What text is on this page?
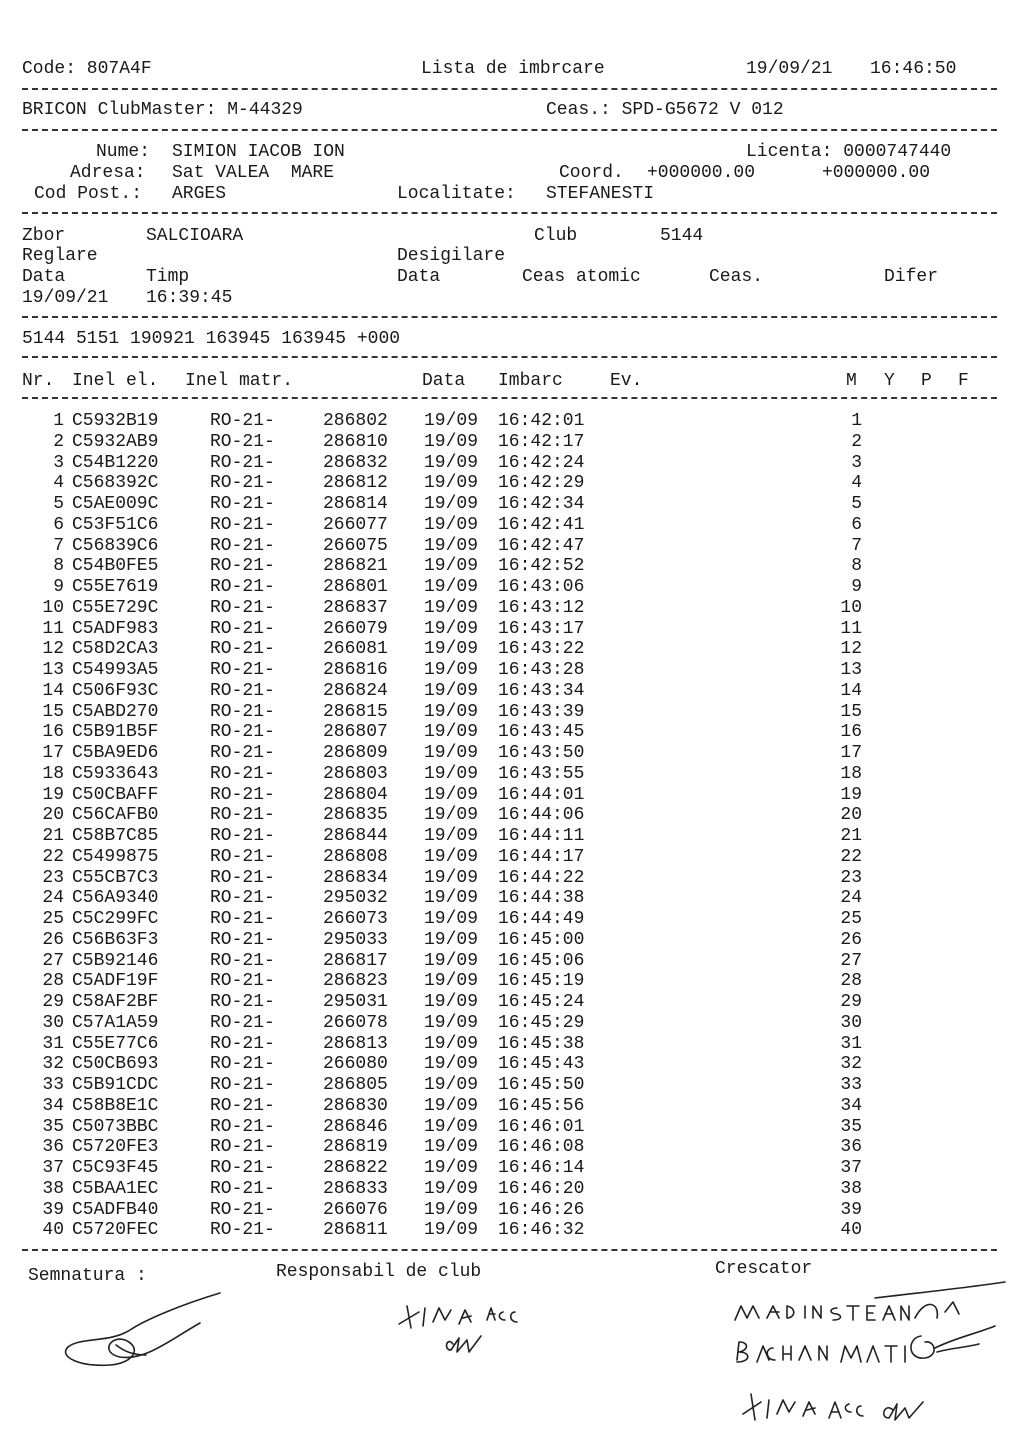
Code: 807A4F	Lista de imbrcare	19/09/21 16:46:50
BRICON ClubMaster: M-44329	Ceas.: SPD-G5672 V 012
Nume: SIMION IACOB ION	Licenta: 0000747440
Adresa: Sat VALEA  MARE	Coord. +000000.00	+000000.00
Cod Post.: ARGES	Localitate: STEFANESTI
Zbor	SALCIOARA	Club	5144
Reglare	Desigilare
Data	Timp	Data	Ceas atomic	Ceas.	Difer
19/09/21 16:39:45
5144 5151 190921 163945 163945 +000
Nr. Inel el. Inel matr.	Data Imbarc	Ev.	M Y P F
1 C5932B19	RO-21-	286802 19/09 16:42:01	1
2 C5932AB9	RO-21-	286810 19/09 16:42:17	2
3 C54B1220	RO-21-	286832 19/09 16:42:24	3
4 C568392C	RO-21-	286812 19/09 16:42:29	4
5 C5AE009C	RO-21-	286814 19/09 16:42:34	5
6 C53F51C6	RO-21-	266077 19/09 16:42:41	6
7 C56839C6	RO-21-	266075 19/09 16:42:47	7
8 C54B0FE5	RO-21-	286821 19/09 16:42:52	8
9 C55E7619	RO-21-	286801 19/09 16:43:06	9
10 C55E729C	RO-21-	286837 19/09 16:43:12	10
11 C5ADF983	RO-21-	266079 19/09 16:43:17	11
12 C58D2CA3	RO-21-	266081 19/09 16:43:22	12
13 C54993A5	RO-21-	286816 19/09 16:43:28	13
14 C506F93C	RO-21-	286824 19/09 16:43:34	14
15 C5ABD270	RO-21-	286815 19/09 16:43:39	15
16 C5B91B5F	RO-21-	286807 19/09 16:43:45	16
17 C5BA9ED6	RO-21-	286809 19/09 16:43:50	17
18 C5933643	RO-21-	286803 19/09 16:43:55	18
19 C50CBAFF	RO-21-	286804 19/09 16:44:01	19
20 C56CAFB0	RO-21-	286835 19/09 16:44:06	20
21 C58B7C85	RO-21-	286844 19/09 16:44:11	21
22 C5499875	RO-21-	286808 19/09 16:44:17	22
23 C55CB7C3	RO-21-	286834 19/09 16:44:22	23
24 C56A9340	RO-21-	295032 19/09 16:44:38	24
25 C5C299FC	RO-21-	266073 19/09 16:44:49	25
26 C56B63F3	RO-21-	295033 19/09 16:45:00	26
27 C5B92146	RO-21-	286817 19/09 16:45:06	27
28 C5ADF19F	RO-21-	286823 19/09 16:45:19	28
29 C58AF2BF	RO-21-	295031 19/09 16:45:24	29
30 C57A1A59	RO-21-	266078 19/09 16:45:29	30
31 C55E77C6	RO-21-	286813 19/09 16:45:38	31
32 C50CB693	RO-21-	266080 19/09 16:45:43	32
33 C5B91CDC	RO-21-	286805 19/09 16:45:50	33
34 C58B8E1C	RO-21-	286830 19/09 16:45:56	34
35 C5073BBC	RO-21-	286846 19/09 16:46:01	35
36 C5720FE3	RO-21-	286819 19/09 16:46:08	36
37 C5C93F45	RO-21-	286822 19/09 16:46:14	37
38 C5BAA1EC	RO-21-	286833 19/09 16:46:20	38
39 C5ADFB40	RO-21-	266076 19/09 16:46:26	39
40 C5720FEC	RO-21-	286811 19/09 16:46:32	40
Semnatura :	Responsabil de club	Crescator
